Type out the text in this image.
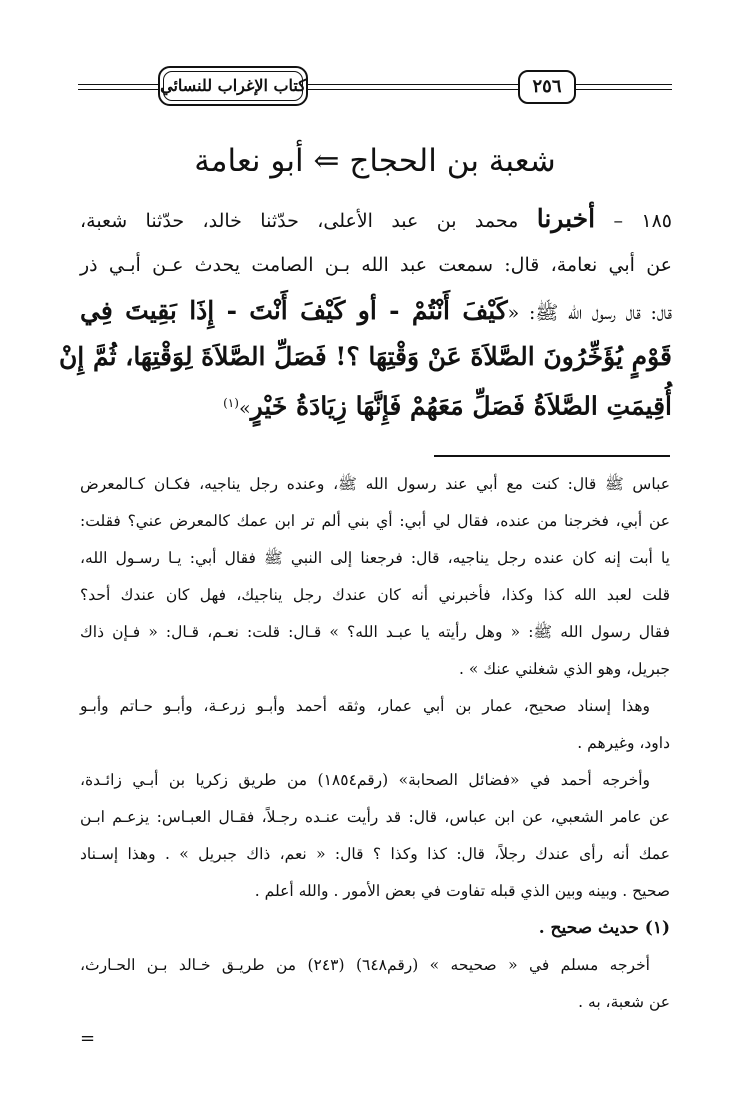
٢٥٦
كتاب الإغراب للنسائي
شعبة بن الحجاج ⇐ أبو نعامة
١٨٥ – أخبرنا محمد بن عبد الأعلى، حدّثنا خالد، حدّثنا شعبة،
عن أبي نعامة، قال: سمعت عبد الله بـن الصامت يحدث عـن أبـي ذر
قال: قال رسول الله ﷺ: «كَيْفَ أَنْتُمْ - أو كَيْفَ أَنْتَ - إِذَا بَقِيتَ فِي
قَوْمٍ يُؤَخِّرُونَ الصَّلاَةَ عَنْ وَقْتِهَا ؟! فَصَلِّ الصَّلاَةَ لِوَقْتِهَا، ثُمَّ إِنْ
أُقِيمَتِ الصَّلاَةُ فَصَلِّ مَعَهُمْ فَإِنَّهَا زِيَادَةُ خَيْرٍ»$^{(١)}$
عباس ﷺ قال: كنت مع أبي عند رسول الله ﷺ، وعنده رجل يناجيه، فكـان كـالمعرض
عن أبي، فخرجنا من عنده، فقال لي أبي: أي بني ألم تر ابن عمك كالمعرض عني؟ فقلت:
يا أبت إنه كان عنده رجل يناجيه، قال: فرجعنا إلى النبي ﷺ فقال أبي: يـا رسـول الله،
قلت لعبد الله كذا وكذا، فأخبرني أنه كان عندك رجل يناجيك، فهل كان عندك أحد؟
فقال رسول الله ﷺ: « وهل رأيته يا عبـد الله؟ » قـال: قلت: نعـم، قـال: « فـإن ذاك
جبريل، وهو الذي شغلني عنك » .
وهذا إسناد صحيح، عمار بن أبي عمار، وثقه أحمد وأبـو زرعـة، وأبـو حـاتم وأبـو
داود، وغيرهم .
وأخرجه أحمد في «فضائل الصحابة» (رقم١٨٥٤) من طريق زكريا بن أبـي زائـدة،
عن عامر الشعبي، عن ابن عباس، قال: قد رأيت عنـده رجـلاً، فقـال العبـاس: يزعـم ابـن
عمك أنه رأى عندك رجلاً، قال: كذا وكذا ؟ قال: « نعم، ذاك جبريل » . وهذا إسـناد
صحيح . وبينه وبين الذي قبله تفاوت في بعض الأمور . والله أعلم .
(١) حديث صحيح .
أخرجه مسلم في « صحيحه » (رقم٦٤٨) (٢٤٣) من طريـق خـالد بـن الحـارث،
عن شعبة، به .
=
